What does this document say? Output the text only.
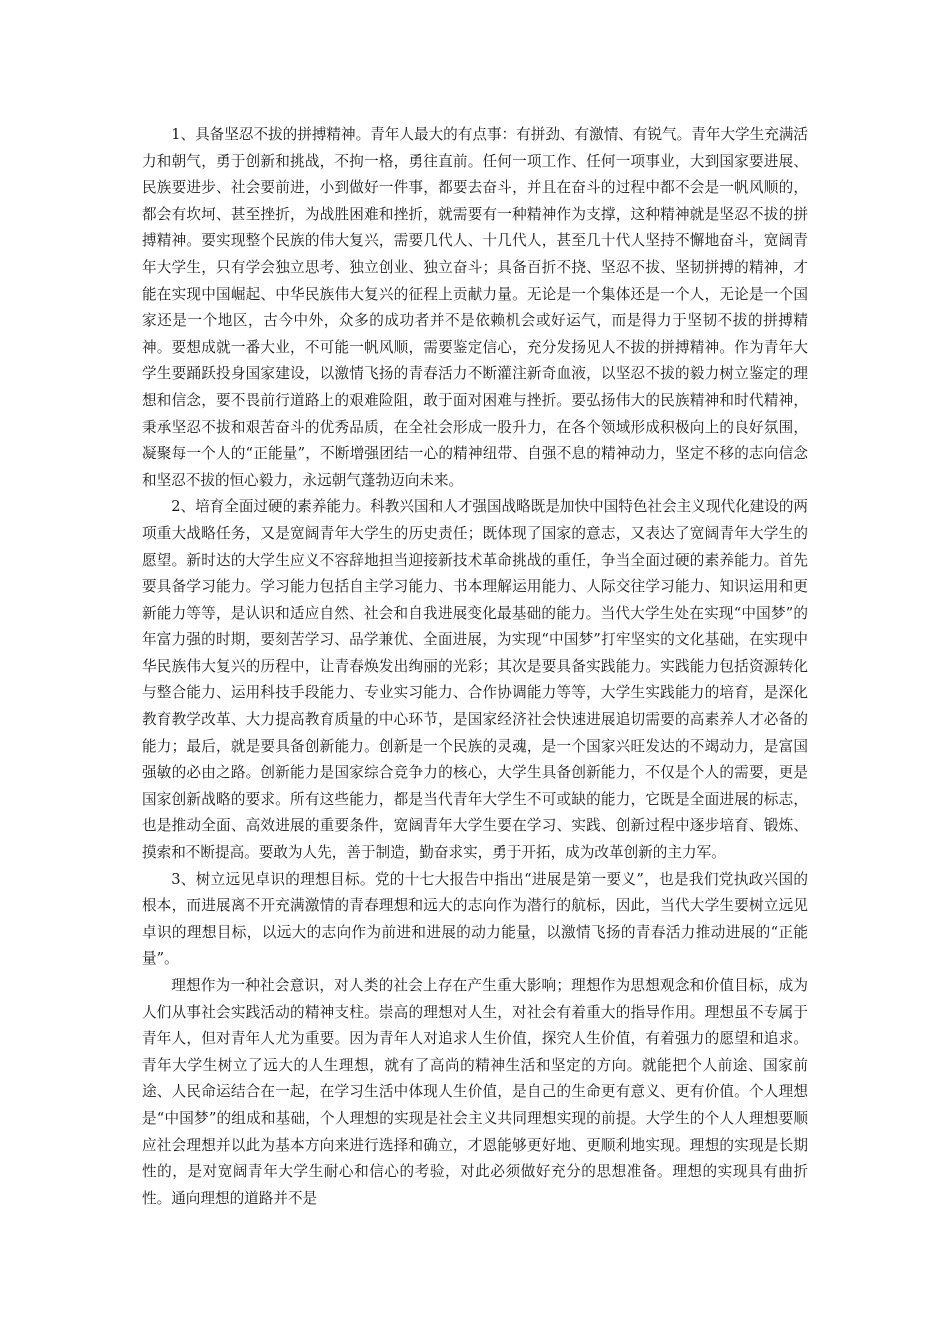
1、具备坚忍不拔的拼搏精神。青年人最大的有点事：有拼劲、有激情、有锐气。青年大学生充满活力和朝气，勇于创新和挑战，不拘一格，勇往直前。任何一项工作、任何一项事业，大到国家要进展、民族要进步、社会要前进，小到做好一件事，都要去奋斗，并且在奋斗的过程中都不会是一帆风顺的，都会有坎坷、甚至挫折，为战胜困难和挫折，就需要有一种精神作为支撑，这种精神就是坚忍不拔的拼搏精神。要实现整个民族的伟大复兴，需要几代人、十几代人，甚至几十代人坚持不懈地奋斗，宽阔青年大学生，只有学会独立思考、独立创业、独立奋斗；具备百折不挠、坚忍不拔、坚韧拼搏的精神，才能在实现中国崛起、中华民族伟大复兴的征程上贡献力量。无论是一个集体还是一个人，无论是一个国家还是一个地区，古今中外，众多的成功者并不是依赖机会或好运气，而是得力于坚韧不拔的拼搏精神。要想成就一番大业，不可能一帆风顺，需要鉴定信心，充分发扬见人不拔的拼搏精神。作为青年大学生要踊跃投身国家建设，以激情飞扬的青春活力不断灌注新奇血液，以坚忍不拔的毅力树立鉴定的理想和信念，要不畏前行道路上的艰难险阻，敢于面对困难与挫折。要弘扬伟大的民族精神和时代精神，秉承坚忍不拔和艰苦奋斗的优秀品质，在全社会形成一股升力，在各个领域形成积极向上的良好氛围，凝聚每一个人的“正能量”，不断增强团结一心的精神纽带、自强不息的精神动力，坚定不移的志向信念和坚忍不拔的恒心毅力，永远朝气蓬勃迈向未来。

2、培育全面过硬的素养能力。科教兴国和人才强国战略既是加快中国特色社会主义现代化建设的两项重大战略任务，又是宽阔青年大学生的历史责任；既体现了国家的意志，又表达了宽阔青年大学生的愿望。新时达的大学生应义不容辞地担当迎接新技术革命挑战的重任，争当全面过硬的素养能力。首先要具备学习能力。学习能力包括自主学习能力、书本理解运用能力、人际交往学习能力、知识运用和更新能力等等，是认识和适应自然、社会和自我进展变化最基础的能力。当代大学生处在实现“中国梦”的年富力强的时期，要刻苦学习、品学兼优、全面进展，为实现“中国梦”打牢坚实的文化基础，在实现中华民族伟大复兴的历程中，让青春焕发出绚丽的光彩；其次是要具备实践能力。实践能力包括资源转化与整合能力、运用科技手段能力、专业实习能力、合作协调能力等等，大学生实践能力的培育，是深化教育教学改革、大力提高教育质量的中心环节，是国家经济社会快速进展追切需要的高素养人才必备的能力；最后，就是要具备创新能力。创新是一个民族的灵魂，是一个国家兴旺发达的不竭动力，是富国强敏的必由之路。创新能力是国家综合竞争力的核心，大学生具备创新能力，不仅是个人的需要，更是国家创新战略的要求。所有这些能力，都是当代青年大学生不可或缺的能力，它既是全面进展的标志，也是推动全面、高效进展的重要条件，宽阔青年大学生要在学习、实践、创新过程中逐步培育、锻炼、摸索和不断提高。要敢为人先，善于制造，勤奋求实，勇于开拓，成为改革创新的主力军。

3、树立远见卓识的理想目标。党的十七大报告中指出“进展是第一要义”，也是我们党执政兴国的根本，而进展离不开充满激情的青春理想和远大的志向作为潜行的航标，因此，当代大学生要树立远见卓识的理想目标，以远大的志向作为前进和进展的动力能量，以激情飞扬的青春活力推动进展的“正能量”。

理想作为一种社会意识，对人类的社会上存在产生重大影响；理想作为思想观念和价值目标，成为人们从事社会实践活动的精神支柱。崇高的理想对人生，对社会有着重大的指导作用。理想虽不专属于青年人，但对青年人尤为重要。因为青年人对追求人生价值，探究人生价值，有着强力的愿望和追求。青年大学生树立了远大的人生理想，就有了高尚的精神生活和坚定的方向。就能把个人前途、国家前途、人民命运结合在一起，在学习生活中体现人生价值，是自己的生命更有意义、更有价值。个人理想是“中国梦”的组成和基础，个人理想的实现是社会主义共同理想实现的前提。大学生的个人人理想要顺应社会理想并以此为基本方向来进行选择和确立，才恩能够更好地、更顺利地实现。理想的实现是长期性的，是对宽阔青年大学生耐心和信心的考验，对此必须做好充分的思想准备。理想的实现具有曲折性。通向理想的道路并不是
